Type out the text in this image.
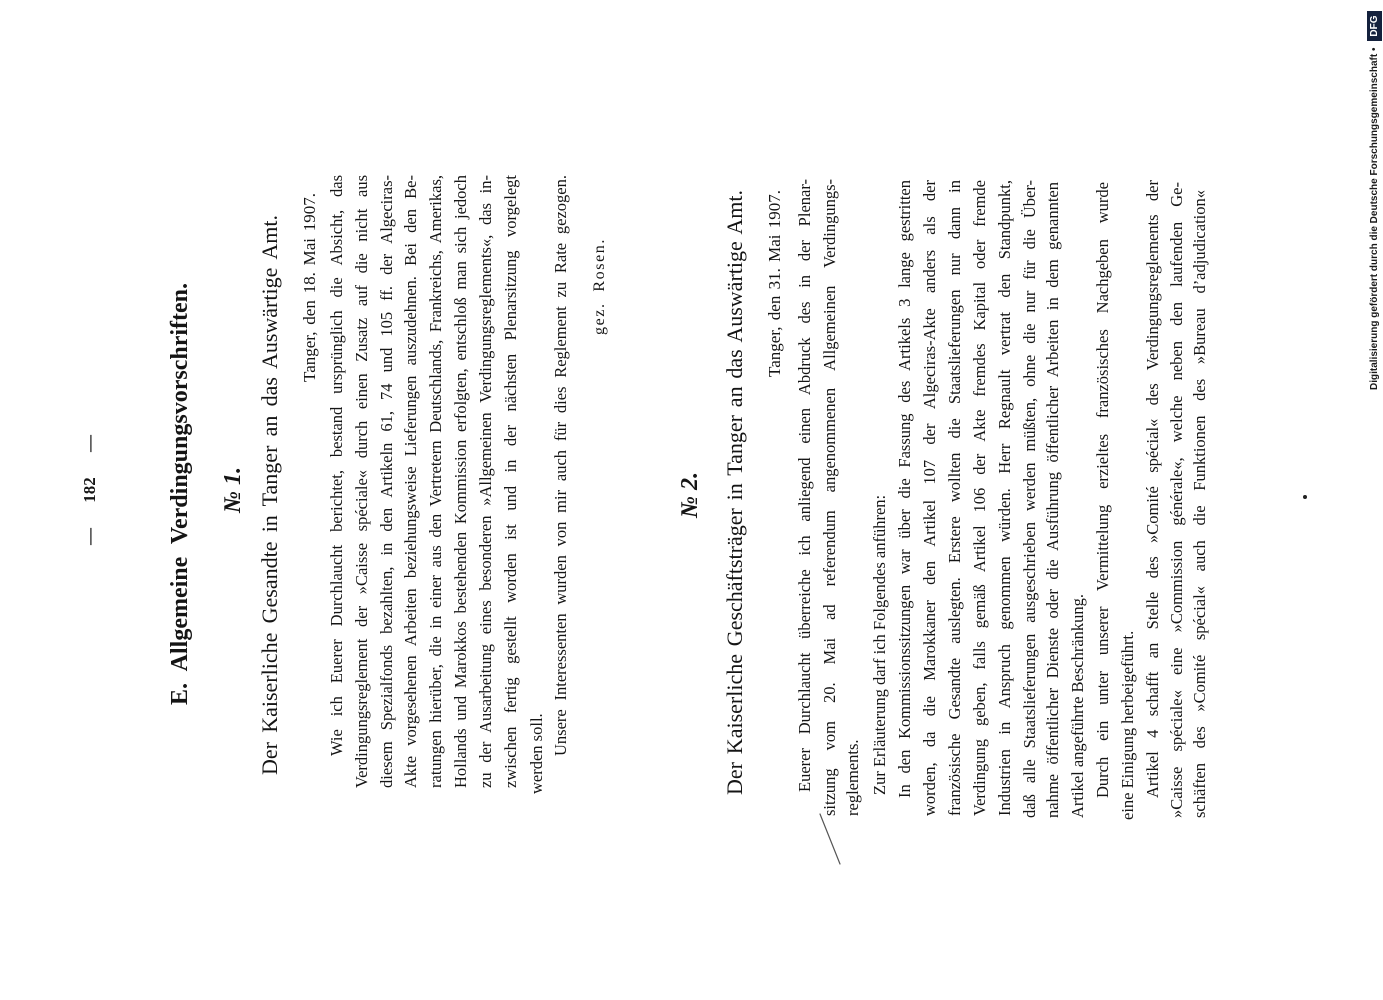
— 182 —	E. Allgemeine Verdingungsvorschriften. № 1. Der Kaiserliche Gesandte in Tanger an das Auswärtige Amt. Tanger, den 18. Mai 1907. Wie ich Euerer Durchlaucht berichtet, bestand ursprünglich die Absicht, das Verdingungsreglement der »Caisse spéciale« durch einen Zusatz auf die nicht aus diesem Spezialfonds bezahlten, in den Artikeln 61, 74 und 105 ff. der Algeciras- Akte vorgesehenen Arbeiten beziehungsweise Lieferungen auszudehnen. Bei den Be- ratungen hierüber, die in einer aus den Vertretern Deutschlands, Frankreichs, Amerikas, Hollands und Marokkos bestehenden Kommission erfolgten, entschloß man sich jedoch zu der Ausarbeitung eines besonderen »Allgemeinen Verdingungsreglements«, das in- zwischen fertig gestellt worden ist und in der nächsten Plenarsitzung vorgelegt werden soll. Unsere Interessenten wurden von mir auch für dies Reglement zu Rate gezogen. gez. Rosen.
№ 2. Der Kaiserliche Geschäftsträger in Tanger an das Auswärtige Amt. Tanger, den 31. Mai 1907. Euerer Durchlaucht überreiche ich anliegend einen Abdruck des in der Plenar- sitzung vom 20. Mai ad referendum angenommenen Allgemeinen Verdingungs- reglements. Zur Erläuterung darf ich Folgendes anführen: In den Kommissionssitzungen war über die Fassung des Artikels 3 lange gestritten worden, da die Marokkaner den Artikel 107 der Algeciras-Akte anders als der französische Gesandte auslegten. Erstere wollten die Staatslieferungen nur dann in Verdingung geben, falls gemäß Artikel 106 der Akte fremdes Kapital oder fremde Industrien in Anspruch genommen würden. Herr Regnault vertrat den Standpunkt, daß alle Staatslieferungen ausgeschrieben werden müßten, ohne die nur für die Über- nahme öffentlicher Dienste oder die Ausführung öffentlicher Arbeiten in dem genannten Artikel angeführte Beschränkung. Durch ein unter unserer Vermittelung erzieltes französisches Nachgeben wurde eine Einigung herbeigeführt. Artikel 4 schafft an Stelle des »Comité spécial« des Verdingungsreglements der »Caisse spéciale« eine »Commission générale«, welche neben den laufenden Ge- schäften des »Comité spécial« auch die Funktionen des »Bureau d’adjudication«	Digitalisierung gefördert durch die Deutsche Forschungsgemeinschaft •
DFG
